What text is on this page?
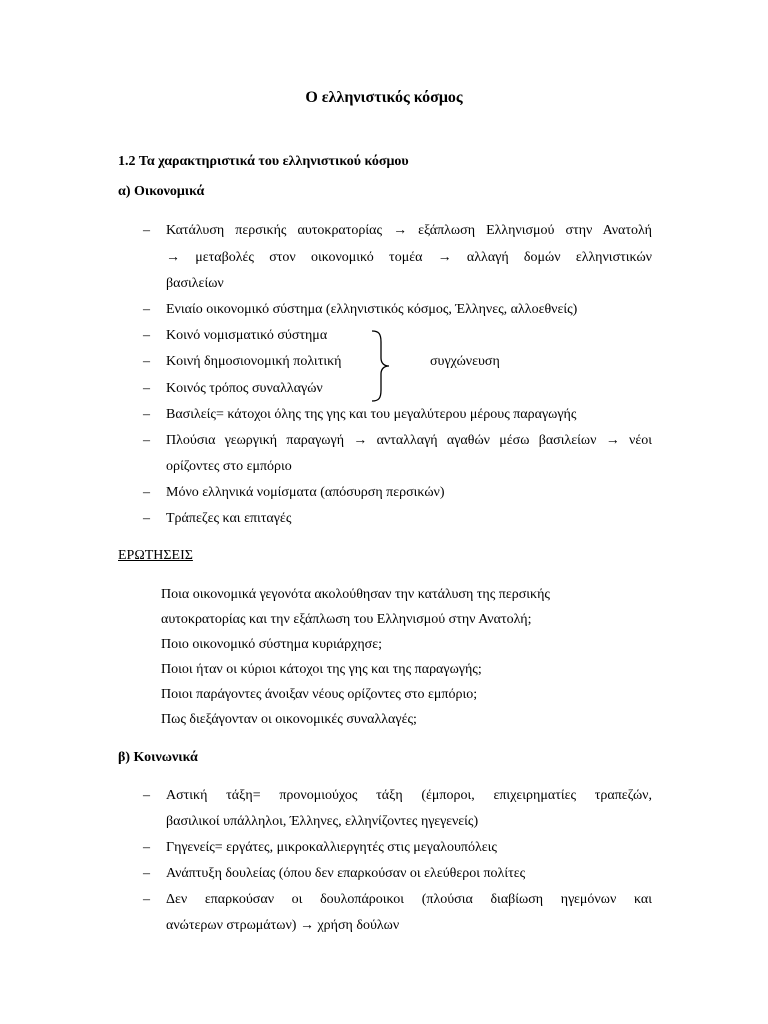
Ο ελληνιστικός κόσμος
1.2 Τα χαρακτηριστικά του ελληνιστικού κόσμου
α) Οικονομικά
– Κατάλυση περσικής αυτοκρατορίας → εξάπλωση Ελληνισμού στην Ανατολή
→ μεταβολές στον οικονομικό τομέα → αλλαγή δομών ελληνιστικών
βασιλείων
– Ενιαίο οικονομικό σύστημα (ελληνιστικός κόσμος, Έλληνες, αλλοεθνείς)
– Κοινό νομισματικό σύστημα
– Κοινή δημοσιονομική πολιτική
– Κοινός τρόπος συναλλαγών
– Βασιλείς= κάτοχοι όλης της γης και του μεγαλύτερου μέρους παραγωγής
– Πλούσια γεωργική παραγωγή → ανταλλαγή αγαθών μέσω βασιλείων → νέοι
ορίζοντες στο εμπόριο
– Μόνο ελληνικά νομίσματα (απόσυρση περσικών)
– Τράπεζες και επιταγές
συγχώνευση
ΕΡΩΤΗΣΕΙΣ
Ποια οικονομικά γεγονότα ακολούθησαν την κατάλυση της περσικής
αυτοκρατορίας και την εξάπλωση του Ελληνισμού στην Ανατολή;
Ποιο οικονομικό σύστημα κυριάρχησε;
Ποιοι ήταν οι κύριοι κάτοχοι της γης και της παραγωγής;
Ποιοι παράγοντες άνοιξαν νέους ορίζοντες στο εμπόριο;
Πως διεξάγονταν οι οικονομικές συναλλαγές;
β) Κοινωνικά
– Αστική τάξη= προνομιούχος τάξη (έμποροι, επιχειρηματίες τραπεζών,
βασιλικοί υπάλληλοι, Έλληνες, ελληνίζοντες ηγεγενείς)
– Γηγενείς= εργάτες, μικροκαλλιεργητές στις μεγαλουπόλεις
– Ανάπτυξη δουλείας (όπου δεν επαρκούσαν οι ελεύθεροι πολίτες
– Δεν επαρκούσαν οι δουλοπάροικοι (πλούσια διαβίωση ηγεμόνων και
ανώτερων στρωμάτων) → χρήση δούλων
